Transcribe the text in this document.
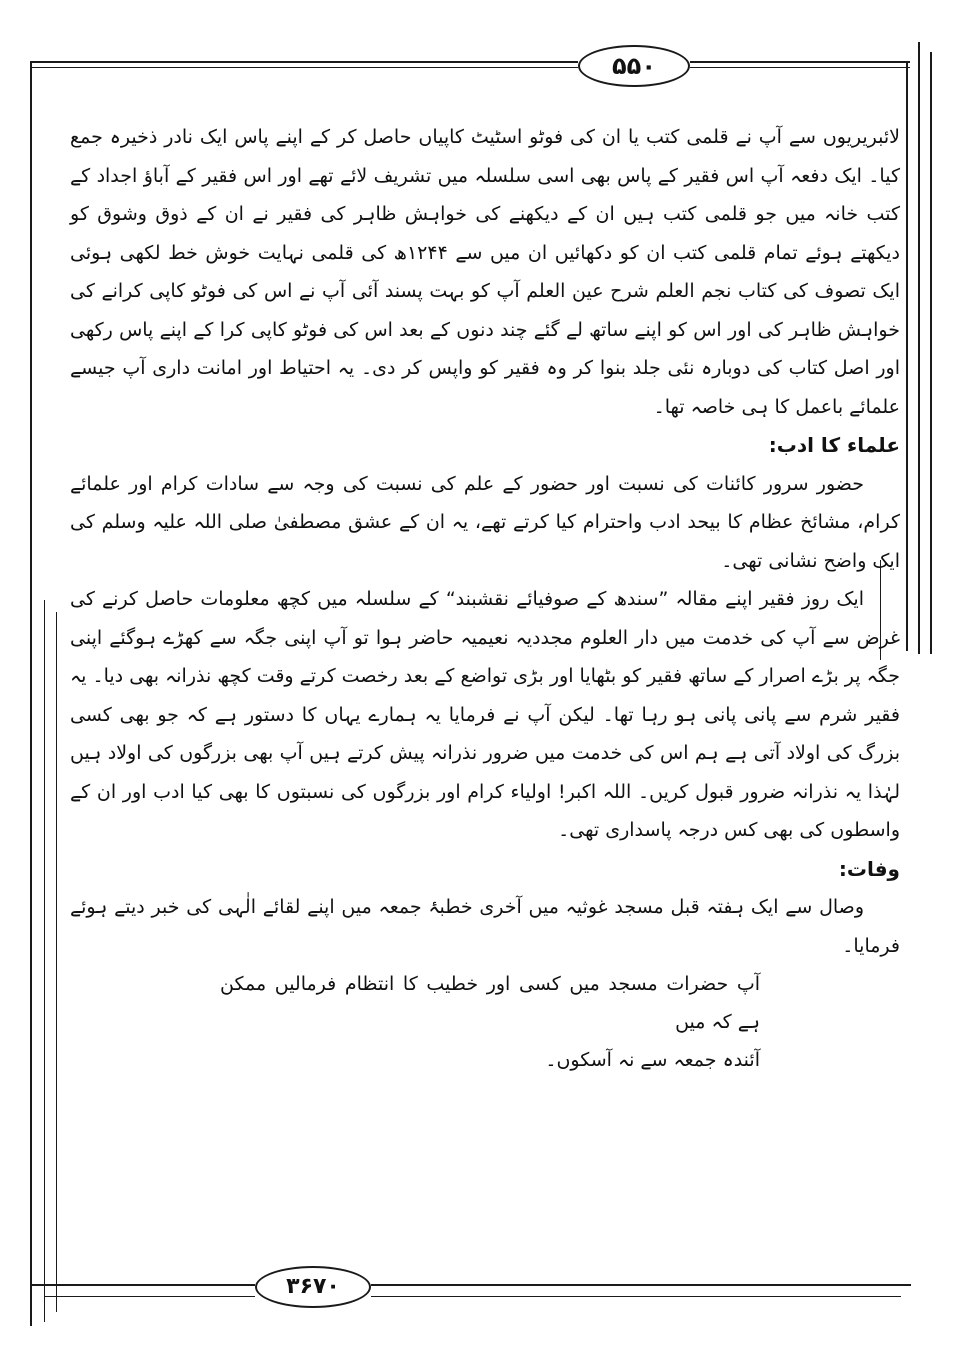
۵۵۰

لائبریریوں سے آپ نے قلمی کتب یا ان کی فوٹو اسٹیٹ کاپیاں حاصل کر کے اپنے پاس ایک نادر ذخیرہ جمع کیا۔ ایک دفعہ آپ اس فقیر کے پاس بھی اسی سلسلہ میں تشریف لائے تھے اور اس فقیر کے آباؤ اجداد کے کتب خانہ میں جو قلمی کتب ہیں ان کے دیکھنے کی خواہش ظاہر کی فقیر نے ان کے ذوق وشوق کو دیکھتے ہوئے تمام قلمی کتب ان کو دکھائیں ان میں سے ۱۲۴۴ھ کی قلمی نہایت خوش خط لکھی ہوئی ایک تصوف کی کتاب نجم العلم شرح عین العلم آپ کو بہت پسند آئی آپ نے اس کی فوٹو کاپی کرانے کی خواہش ظاہر کی اور اس کو اپنے ساتھ لے گئے چند دنوں کے بعد اس کی فوٹو کاپی کرا کے اپنے پاس رکھی اور اصل کتاب کی دوبارہ نئی جلد بنوا کر وہ فقیر کو واپس کر دی۔ یہ احتیاط اور امانت داری آپ جیسے علمائے باعمل کا ہی خاصہ تھا۔

علماء کا ادب:

حضور سرور کائنات کی نسبت اور حضور کے علم کی نسبت کی وجہ سے سادات کرام اور علمائے کرام، مشائخ عظام کا بیحد ادب واحترام کیا کرتے تھے، یہ ان کے عشق مصطفیٰ صلی اللہ علیہ وسلم کی ایک واضح نشانی تھی۔

ایک روز فقیر اپنے مقالہ ”سندھ کے صوفیائے نقشبند“ کے سلسلہ میں کچھ معلومات حاصل کرنے کی غرض سے آپ کی خدمت میں دار العلوم مجددیہ نعیمیہ حاضر ہوا تو آپ اپنی جگہ سے کھڑے ہوگئے اپنی جگہ پر بڑے اصرار کے ساتھ فقیر کو بٹھایا اور بڑی تواضع کے بعد رخصت کرتے وقت کچھ نذرانہ بھی دیا۔ یہ فقیر شرم سے پانی پانی ہو رہا تھا۔ لیکن آپ نے فرمایا یہ ہمارے یہاں کا دستور ہے کہ جو بھی کسی بزرگ کی اولاد آتی ہے ہم اس کی خدمت میں ضرور نذرانہ پیش کرتے ہیں آپ بھی بزرگوں کی اولاد ہیں لہٰذا یہ نذرانہ ضرور قبول کریں۔ اللہ اکبر! اولیاء کرام اور بزرگوں کی نسبتوں کا بھی کیا ادب اور ان کے واسطوں کی بھی کس درجہ پاسداری تھی۔

وفات:

وصال سے ایک ہفتہ قبل مسجد غوثیہ میں آخری خطبۂ جمعہ میں اپنے لقائے الٰہی کی خبر دیتے ہوئے فرمایا۔

آپ حضرات مسجد میں کسی اور خطیب کا انتظام فرمالیں ممکن ہے کہ میں

آئندہ جمعہ سے نہ آسکوں۔

۳۶۷۰
